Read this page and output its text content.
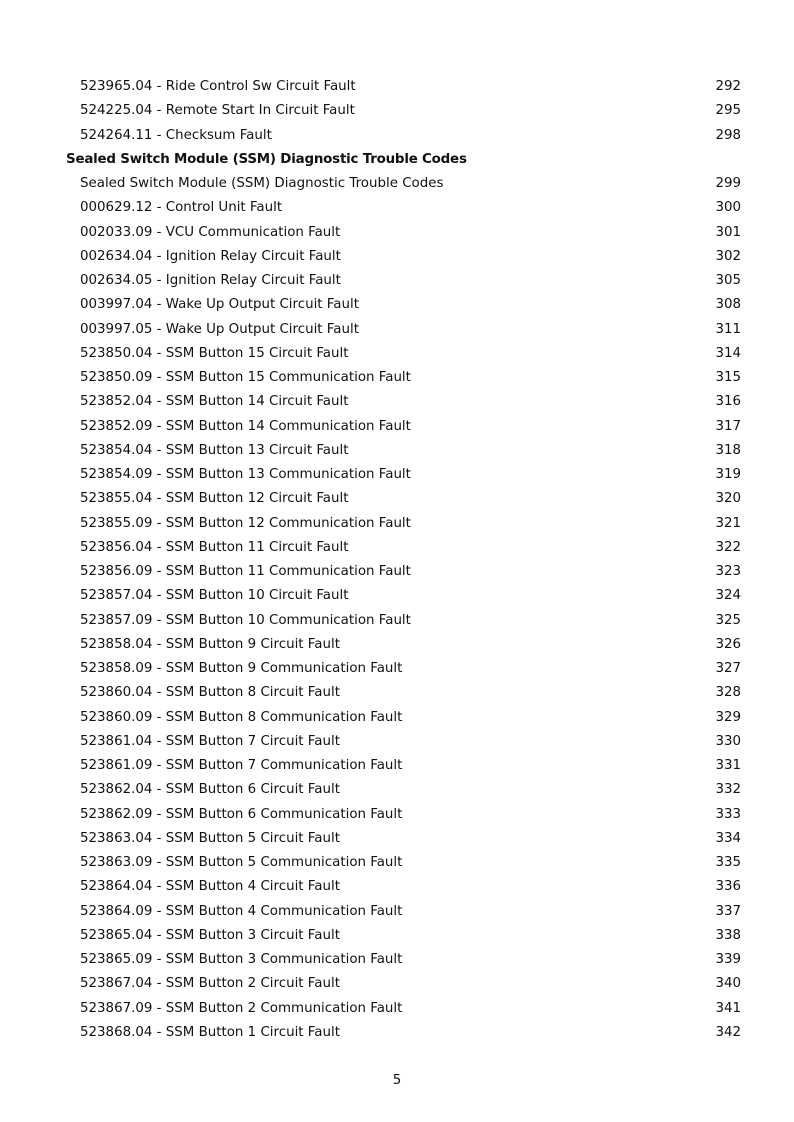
523965.04 - Ride Control Sw Circuit Fault	292
524225.04 - Remote Start In Circuit Fault	295
524264.11 - Checksum Fault	298
Sealed Switch Module (SSM) Diagnostic Trouble Codes
Sealed Switch Module (SSM) Diagnostic Trouble Codes	299
000629.12 - Control Unit Fault	300
002033.09 - VCU Communication Fault	301
002634.04 - Ignition Relay Circuit Fault	302
002634.05 - Ignition Relay Circuit Fault	305
003997.04 - Wake Up Output Circuit Fault	308
003997.05 - Wake Up Output Circuit Fault	311
523850.04 - SSM Button 15 Circuit Fault	314
523850.09 - SSM Button 15 Communication Fault	315
523852.04 - SSM Button 14 Circuit Fault	316
523852.09 - SSM Button 14 Communication Fault	317
523854.04 - SSM Button 13 Circuit Fault	318
523854.09 - SSM Button 13 Communication Fault	319
523855.04 - SSM Button 12 Circuit Fault	320
523855.09 - SSM Button 12 Communication Fault	321
523856.04 - SSM Button 11 Circuit Fault	322
523856.09 - SSM Button 11 Communication Fault	323
523857.04 - SSM Button 10 Circuit Fault	324
523857.09 - SSM Button 10 Communication Fault	325
523858.04 - SSM Button 9 Circuit Fault	326
523858.09 - SSM Button 9 Communication Fault	327
523860.04 - SSM Button 8 Circuit Fault	328
523860.09 - SSM Button 8 Communication Fault	329
523861.04 - SSM Button 7 Circuit Fault	330
523861.09 - SSM Button 7 Communication Fault	331
523862.04 - SSM Button 6 Circuit Fault	332
523862.09 - SSM Button 6 Communication Fault	333
523863.04 - SSM Button 5 Circuit Fault	334
523863.09 - SSM Button 5 Communication Fault	335
523864.04 - SSM Button 4 Circuit Fault	336
523864.09 - SSM Button 4 Communication Fault	337
523865.04 - SSM Button 3 Circuit Fault	338
523865.09 - SSM Button 3 Communication Fault	339
523867.04 - SSM Button 2 Circuit Fault	340
523867.09 - SSM Button 2 Communication Fault	341
523868.04 - SSM Button 1 Circuit Fault	342
5
